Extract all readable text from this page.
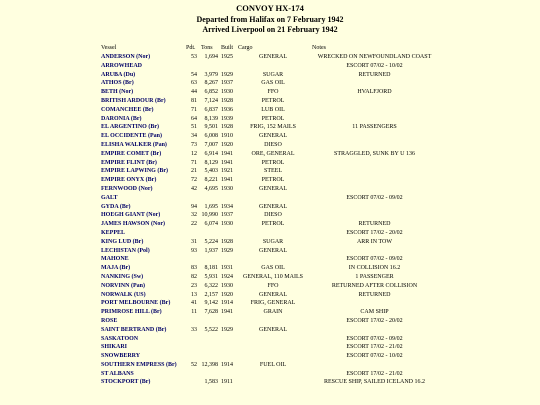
CONVOY HX-174
Departed from Halifax on 7 February 1942
Arrived Liverpool on 21 February 1942
Vessel	Pdt. Tons Built Cargo	Notes
ANDERSON (Nor)	53	1,694 1925	GENERAL	WRECKED ON NEWFOUNDLAND COAST
ARROWHEAD	ESCORT 07/02 - 10/02
ARUBA (Du)	54	3,979 1929	SUGAR	RETURNED
ATHOS (Br)	63	8,267 1937	GAS OIL
BETH (Nor)	44	6,852 1930	FFO	HVALFJORD
BRITISH ARDOUR (Br)	81	7,124 1928	PETROL
COMANCHEE (Br)	71	6,837 1936	LUB OIL
DARONIA (Br)	64	8,139 1939	PETROL
EL ARGENTINO (Br)	51	9,501 1928	FRIG, 152 MAILS	11 PASSENGERS
EL OCCIDENTE (Pan)	34	6,008 1910	GENERAL
ELISHA WALKER (Pan)	73	7,007 1920	DIESO
EMPIRE COMET (Br)	12	6,914 1941	ORE, GENERAL	STRAGGLED, SUNK BY U 136
EMPIRE FLINT (Br)	71	8,129 1941	PETROL
EMPIRE LAPWING (Br)	21	5,403 1921	STEEL
EMPIRE ONYX (Br)	72	8,221 1941	PETROL
FERNWOOD (Nor)	42	4,695 1930	GENERAL
GALT	ESCORT 07/02 - 09/02
GYDA (Br)	94	1,695 1934	GENERAL
HOEGH GIANT (Nor)	32 10,990 1937	DIESO
JAMES HAWSON (Nor)	22	6,074 1930	PETROL	RETURNED
KEPPEL	ESCORT 17/02 - 20/02
KING LUD (Br)	31	5,224 1928	SUGAR	ARR IN TOW
LECHISTAN (Pol)	93	1,937 1929	GENERAL
MAHONE	ESCORT 07/02 - 09/02
MAJA (Br)	83	8,181 1931	GAS OIL	IN COLLISION 16.2
NANKING (Sw)	82	5,931 1924 GENERAL, 110 MAILS	1 PASSENGER
NORVINN (Pan)	23	6,322 1930	FFO	RETURNED AFTER COLLISION
NORWALK (US)	13	2,157 1920	GENERAL	RETURNED
PORT MELBOURNE (Br)	41	9,142 1914	FRIG, GENERAL
PRIMROSE HILL (Br)	11	7,628 1941	GRAIN	CAM SHIP
ROSE	ESCORT 17/02 - 20/02
SAINT BERTRAND (Br)	33	5,522 1929	GENERAL
SASKATOON	ESCORT 07/02 - 09/02
SHIKARI	ESCORT 17/02 - 21/02
SNOWBERRY	ESCORT 07/02 - 10/02
SOUTHERN EMPRESS (Br)	52 12,398 1914	FUEL OIL
ST ALBANS	ESCORT 17/02 - 21/02
STOCKPORT (Br)	1,583 1911	RESCUE SHIP, SAILED ICELAND 16.2
